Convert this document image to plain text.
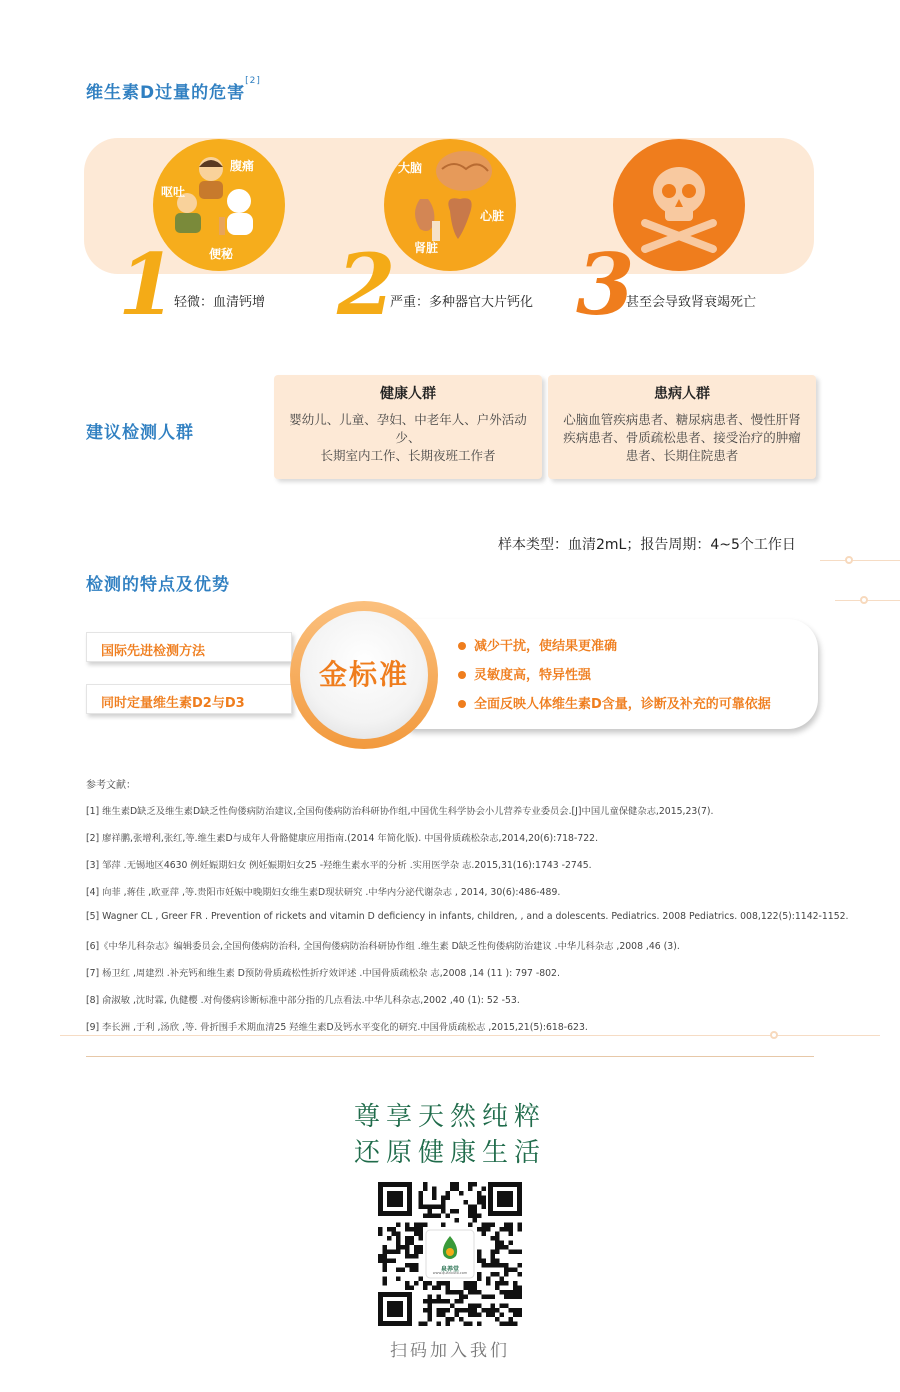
维生素D过量的危害[2]
腹痛
呕吐
便秘
大脑
心脏
肾脏
1
轻微：血清钙增 2
严重：多种器官大片钙化 3
甚至会导致肾衰竭死亡
建议检测人群
健康人群

婴幼儿、儿童、孕妇、中老年人、户外活动少、
长期室内工作、长期夜班工作者

患病人群

心脑血管疾病患者、糖尿病患者、慢性肝肾
疾病患者、骨质疏松患者、接受治疗的肿瘤
患者、长期住院患者

样本类型：血清2mL；报告周期：4~5个工作日
检测的特点及优势
国际先进检测方法
同时定量维生素D2与D3
金标准
减少干扰，使结果更准确
灵敏度高，特异性强
全面反映人体维生素D含量，诊断及补充的可靠依据
参考文献：
[1] 维生素D缺乏及维生素D缺乏性佝偻病防治建议,全国佝偻病防治科研协作组,中国优生科学协会小儿营养专业委员会.[J]中国儿童保健杂志,2015,23(7).
[2] 廖祥鹏,张增利,张红,等.维生素D与成年人骨骼健康应用指南.(2014 年简化版). 中国骨质疏松杂志,2014,20(6):718-722.
[3] 邹萍 .无锡地区4630 例妊娠期妇女 例妊娠期妇女25 -羟维生素水平的分析 .实用医学杂 志.2015,31(16):1743 -2745.
[4] 向菲 ,蒋佳 ,欧亚萍 ,等.贵阳市妊娠中晚期妇女维生素D现状研究 .中华内分泌代谢杂志 , 2014, 30(6):486-489.
[5] Wagner CL , Greer FR . Prevention of rickets and vitamin D deficiency in infants, children, , and a dolescents. Pediatrics. 2008 Pediatrics. 008,122(5):1142-1152.
[6]《中华儿科杂志》编辑委员会,全国佝偻病防治科, 全国佝偻病防治科研协作组 .维生素 D缺乏性佝偻病防治建议 .中华儿科杂志 ,2008 ,46 (3).
[7] 杨卫红 ,周建烈 .补充钙和维生素 D预防骨质疏松性折疗效评述 .中国骨质疏松杂 志,2008 ,14 (11 ): 797 -802.
[8] 俞淑敏 ,沈时霖, 仇健樱 .对佝偻病诊断标准中部分指的几点看法.中华儿科杂志,2002 ,40 (1): 52 -53.
[9] 李长洲 ,于利 ,汤欣 ,等. 骨折围手术期血清25 羟维生素D及钙水平变化的研究.中国骨质疏松志 ,2015,21(5):618-623.
尊享天然纯粹
还原健康生活
泉养堂
www.quanxuto.com
扫码加入我们
